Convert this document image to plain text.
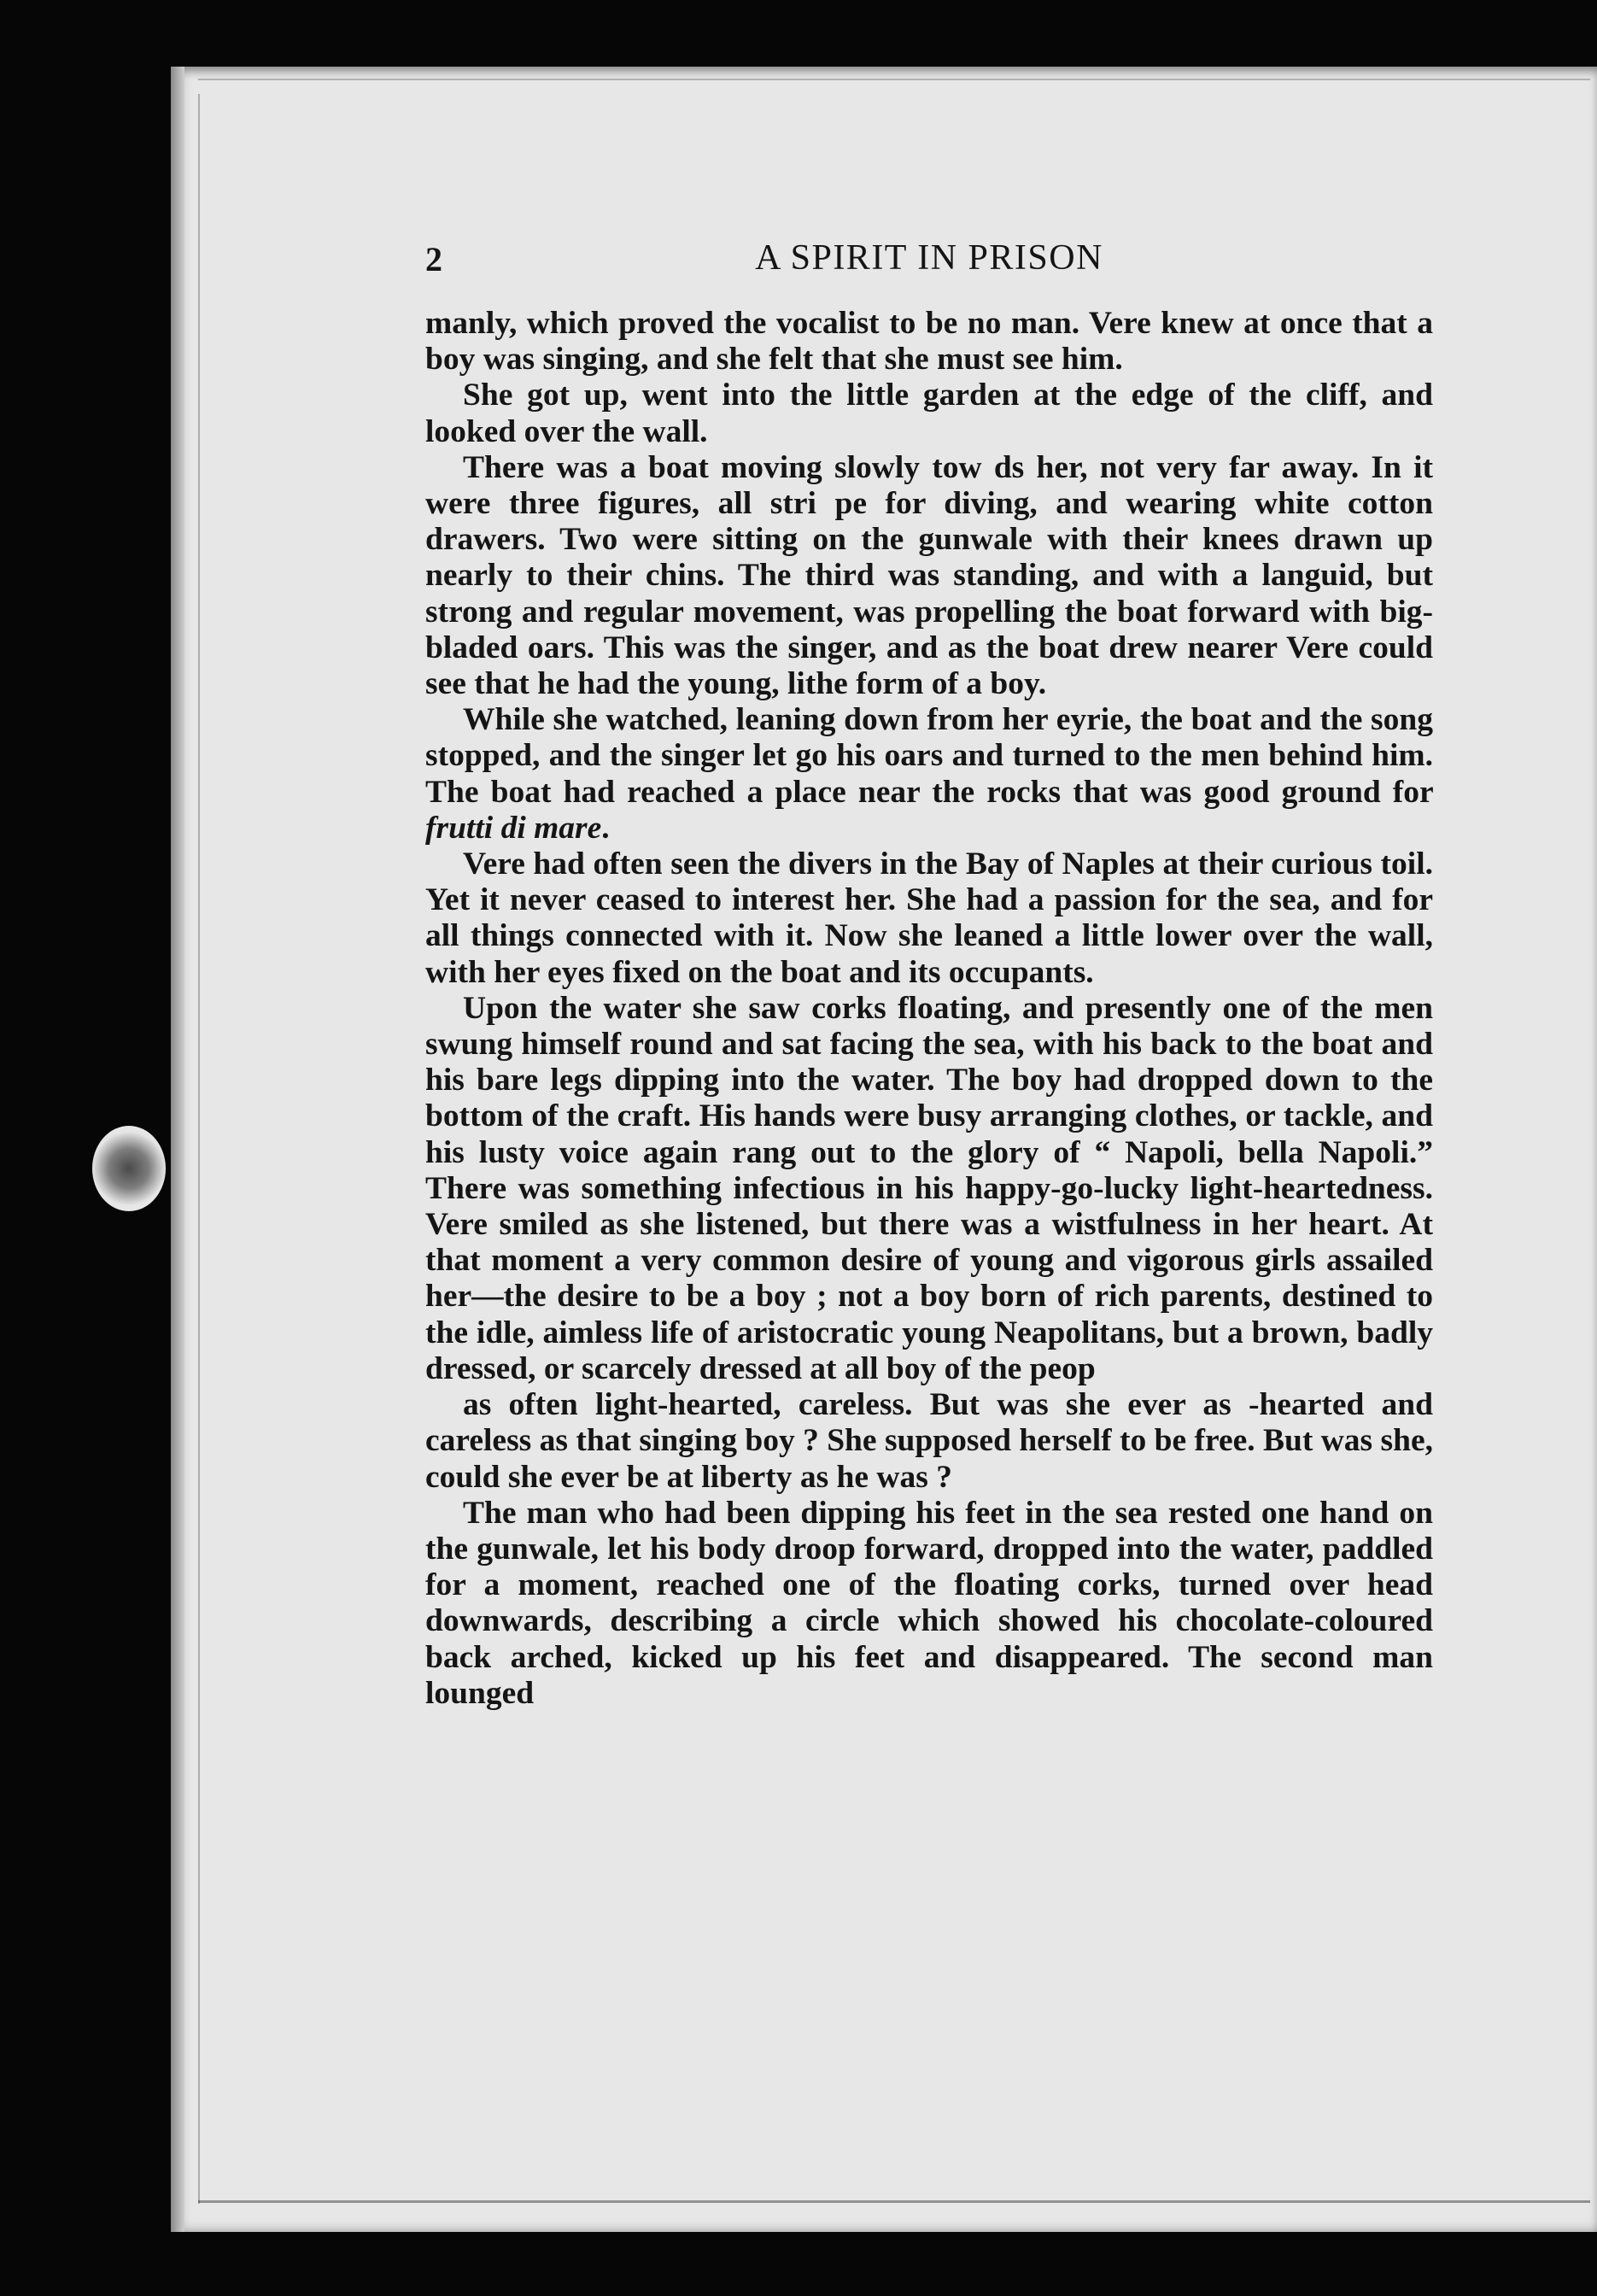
2	A SPIRIT IN PRISON

manly, which proved the vocalist to be no man. Vere knew at once that a boy was singing, and she felt that she must see him.

She got up, went into the little garden at the edge of the cliff, and looked over the wall.

There was a boat moving slowly tow ds her, not very far away. In it were three figures, all stri pe for diving, and wearing white cotton drawers. Two were sitting on the gunwale with their knees drawn up nearly to their chins. The third was standing, and with a languid, but strong and regular movement, was propelling the boat forward with big-bladed oars. This was the singer, and as the boat drew nearer Vere could see that he had the young, lithe form of a boy.

While she watched, leaning down from her eyrie, the boat and the song stopped, and the singer let go his oars and turned to the men behind him. The boat had reached a place near the rocks that was good ground for frutti di mare.

Vere had often seen the divers in the Bay of Naples at their curious toil. Yet it never ceased to interest her. She had a passion for the sea, and for all things connected with it. Now she leaned a little lower over the wall, with her eyes fixed on the boat and its occupants.

Upon the water she saw corks floating, and presently one of the men swung himself round and sat facing the sea, with his back to the boat and his bare legs dipping into the water. The boy had dropped down to the bottom of the craft. His hands were busy arranging clothes, or tackle, and his lusty voice again rang out to the glory of “ Napoli, bella Napoli.” There was something infectious in his happy-go-lucky light-heartedness. Vere smiled as she listened, but there was a wistfulness in her heart. At that moment a very common desire of young and vigorous girls assailed her—the desire to be a boy ; not a boy born of rich parents, destined to the idle, aimless life of aristocratic young Neapolitans, but a brown, badly dressed, or scarcely dressed at all boy of the peop

as often light-hearted, careless. But was she ever as -hearted and careless as that singing boy ? She supposed herself to be free. But was she, could she ever be at liberty as he was ?

The man who had been dipping his feet in the sea rested one hand on the gunwale, let his body droop forward, dropped into the water, paddled for a moment, reached one of the floating corks, turned over head downwards, describing a circle which showed his chocolate-coloured back arched, kicked up his feet and disappeared. The second man lounged
